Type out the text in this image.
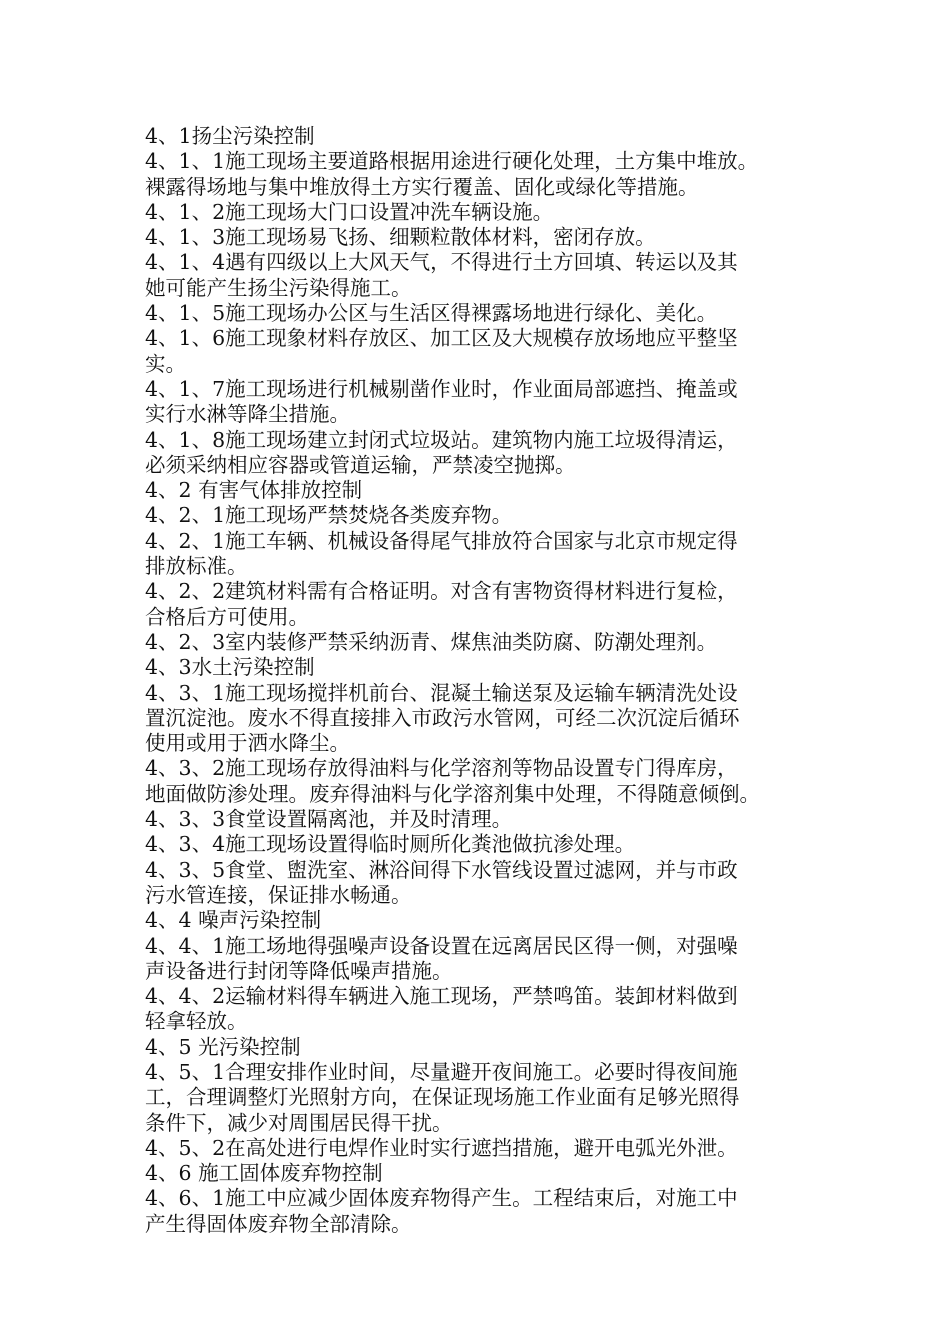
4、1扬尘污染控制
4、1、1施工现场主要道路根据用途进行硬化处理，土方集中堆放。
裸露得场地与集中堆放得土方实行覆盖、固化或绿化等措施。
4、1、2施工现场大门口设置冲洗车辆设施。
4、1、3施工现场易飞扬、细颗粒散体材料，密闭存放。
4、1、4遇有四级以上大风天气，不得进行土方回填、转运以及其
她可能产生扬尘污染得施工。
4、1、5施工现场办公区与生活区得裸露场地进行绿化、美化。
4、1、6施工现象材料存放区、加工区及大规模存放场地应平整坚
实。
4、1、7施工现场进行机械剔凿作业时，作业面局部遮挡、掩盖或
实行水淋等降尘措施。
4、1、8施工现场建立封闭式垃圾站。建筑物内施工垃圾得清运，
必须采纳相应容器或管道运输，严禁凌空抛掷。
4、2 有害气体排放控制
4、2、1施工现场严禁焚烧各类废弃物。
4、2、1施工车辆、机械设备得尾气排放符合国家与北京市规定得
排放标准。
4、2、2建筑材料需有合格证明。对含有害物资得材料进行复检，
合格后方可使用。
4、2、3室内装修严禁采纳沥青、煤焦油类防腐、防潮处理剂。
4、3水土污染控制
4、3、1施工现场搅拌机前台、混凝土输送泵及运输车辆清洗处设
置沉淀池。废水不得直接排入市政污水管网，可经二次沉淀后循环
使用或用于洒水降尘。
4、3、2施工现场存放得油料与化学溶剂等物品设置专门得库房，
地面做防渗处理。废弃得油料与化学溶剂集中处理，不得随意倾倒。
4、3、3食堂设置隔离池，并及时清理。
4、3、4施工现场设置得临时厕所化粪池做抗渗处理。
4、3、5食堂、盥洗室、淋浴间得下水管线设置过滤网，并与市政
污水管连接，保证排水畅通。
4、4 噪声污染控制
4、4、1施工场地得强噪声设备设置在远离居民区得一侧，对强噪
声设备进行封闭等降低噪声措施。
4、4、2运输材料得车辆进入施工现场，严禁鸣笛。装卸材料做到
轻拿轻放。
4、5 光污染控制
4、5、1合理安排作业时间，尽量避开夜间施工。必要时得夜间施
工，合理调整灯光照射方向，在保证现场施工作业面有足够光照得
条件下，减少对周围居民得干扰。
4、5、2在高处进行电焊作业时实行遮挡措施，避开电弧光外泄。
4、6 施工固体废弃物控制
4、6、1施工中应减少固体废弃物得产生。工程结束后，对施工中
产生得固体废弃物全部清除。
